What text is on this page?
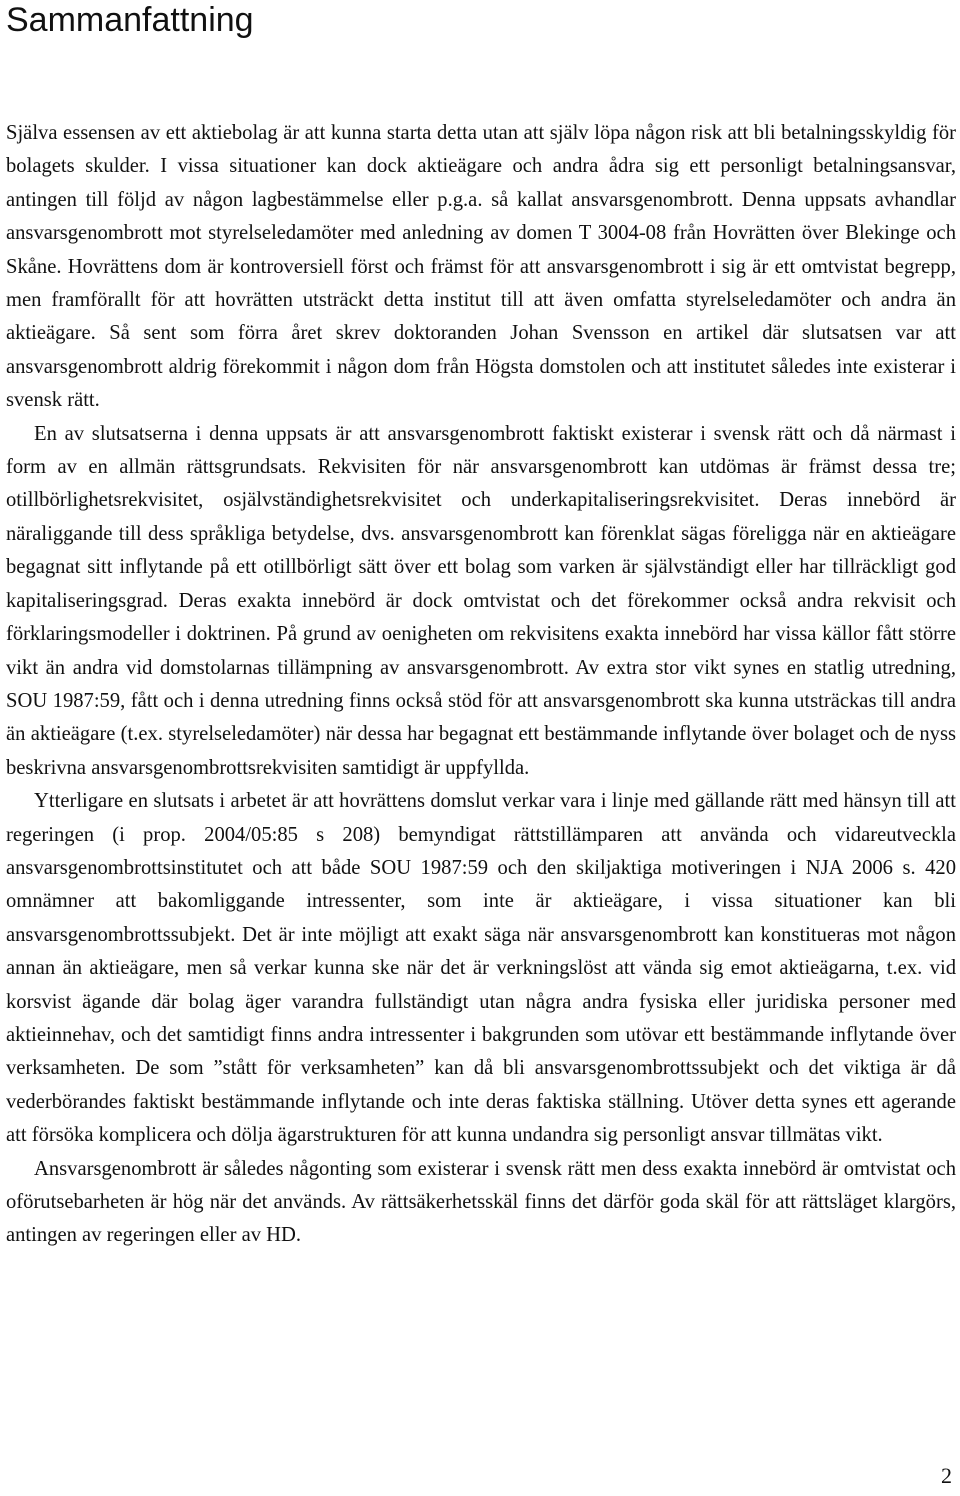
Sammanfattning

Själva essensen av ett aktiebolag är att kunna starta detta utan att själv löpa någon risk att bli betalningsskyldig för bolagets skulder. I vissa situationer kan dock aktieägare och andra ådra sig ett personligt betalningsansvar, antingen till följd av någon lagbestämmelse eller p.g.a. så kallat ansvarsgenombrott. Denna uppsats avhandlar ansvarsgenombrott mot styrelseledamöter med anledning av domen T 3004-08 från Hovrätten över Blekinge och Skåne. Hovrättens dom är kontroversiell först och främst för att ansvarsgenombrott i sig är ett omtvistat begrepp, men framförallt för att hovrätten utsträckt detta institut till att även omfatta styrelseledamöter och andra än aktieägare. Så sent som förra året skrev doktoranden Johan Svensson en artikel där slutsatsen var att ansvarsgenombrott aldrig förekommit i någon dom från Högsta domstolen och att institutet således inte existerar i svensk rätt.

En av slutsatserna i denna uppsats är att ansvarsgenombrott faktiskt existerar i svensk rätt och då närmast i form av en allmän rättsgrundsats. Rekvisiten för när ansvarsgenombrott kan utdömas är främst dessa tre; otillbörlighetsrekvisitet, osjälvständighetsrekvisitet och underkapitaliseringsrekvisitet. Deras innebörd är näraliggande till dess språkliga betydelse, dvs. ansvarsgenombrott kan förenklat sägas föreligga när en aktieägare begagnat sitt inflytande på ett otillbörligt sätt över ett bolag som varken är självständigt eller har tillräckligt god kapitaliseringsgrad. Deras exakta innebörd är dock omtvistat och det förekommer också andra rekvisit och förklaringsmodeller i doktrinen. På grund av oenigheten om rekvisitens exakta innebörd har vissa källor fått större vikt än andra vid domstolarnas tillämpning av ansvarsgenombrott. Av extra stor vikt synes en statlig utredning, SOU 1987:59, fått och i denna utredning finns också stöd för att ansvarsgenombrott ska kunna utsträckas till andra än aktieägare (t.ex. styrelseledamöter) när dessa har begagnat ett bestämmande inflytande över bolaget och de nyss beskrivna ansvarsgenombrottsrekvisiten samtidigt är uppfyllda.

Ytterligare en slutsats i arbetet är att hovrättens domslut verkar vara i linje med gällande rätt med hänsyn till att regeringen (i prop. 2004/05:85 s 208) bemyndigat rättstillämparen att använda och vidareutveckla ansvarsgenombrottsinstitutet och att både SOU 1987:59 och den skiljaktiga motiveringen i NJA 2006 s. 420 omnämner att bakomliggande intressenter, som inte är aktieägare, i vissa situationer kan bli ansvarsgenombrottssubjekt. Det är inte möjligt att exakt säga när ansvarsgenombrott kan konstitueras mot någon annan än aktieägare, men så verkar kunna ske när det är verkningslöst att vända sig emot aktieägarna, t.ex. vid korsvist ägande där bolag äger varandra fullständigt utan några andra fysiska eller juridiska personer med aktieinnehav, och det samtidigt finns andra intressenter i bakgrunden som utövar ett bestämmande inflytande över verksamheten. De som ”stått för verksamheten” kan då bli ansvarsgenombrottssubjekt och det viktiga är då vederbörandes faktiskt bestämmande inflytande och inte deras faktiska ställning. Utöver detta synes ett agerande att försöka komplicera och dölja ägarstrukturen för att kunna undandra sig personligt ansvar tillmätas vikt.

Ansvarsgenombrott är således någonting som existerar i svensk rätt men dess exakta innebörd är omtvistat och oförutsebarheten är hög när det används. Av rättsäkerhetsskäl finns det därför goda skäl för att rättsläget klargörs, antingen av regeringen eller av HD.

2
